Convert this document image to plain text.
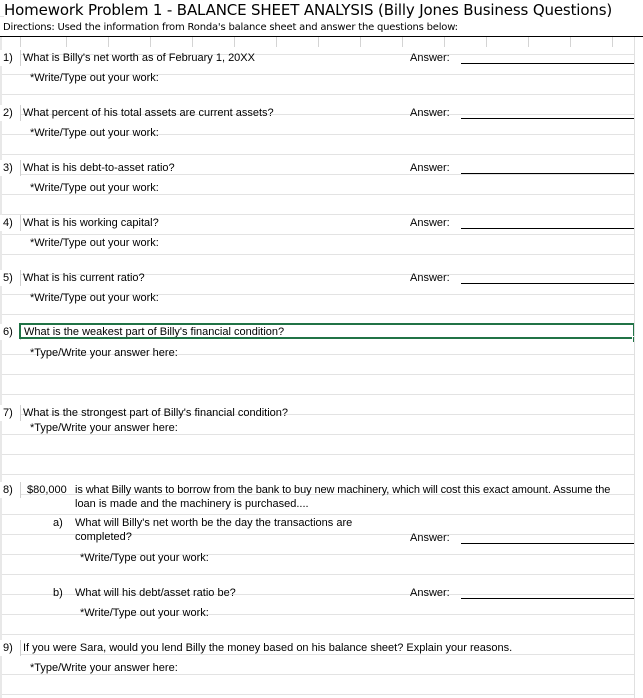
Homework Problem 1 - BALANCE SHEET ANALYSIS (Billy Jones Business Questions)
Directions: Used the information from Ronda's balance sheet and answer the questions below:
1) What is Billy's net worth as of February 1, 20XX	Answer:
*Write/Type out your work:
2) What percent of his total assets are current assets?	Answer:
*Write/Type out your work:
3) What is his debt-to-asset ratio?	Answer:
*Write/Type out your work:
4) What is his working capital?	Answer:
*Write/Type out your work:
5) What is his current ratio?	Answer:
*Write/Type out your work:
6) What is the weakest part of Billy's financial condition?
*Type/Write your answer here:
7) What is the strongest part of Billy's financial condition?
*Type/Write your answer here:
8) $80,000 is what Billy wants to borrow from the bank to buy new machinery, which will cost this exact amount. Assume the
loan is made and the machinery is purchased....
a) What will Billy's net worth be the day the transactions are
completed?	Answer:
*Write/Type out your work:
b) What will his debt/asset ratio be?	Answer:
*Write/Type out your work:
9) If you were Sara, would you lend Billy the money based on his balance sheet? Explain your reasons.
*Type/Write your answer here:
